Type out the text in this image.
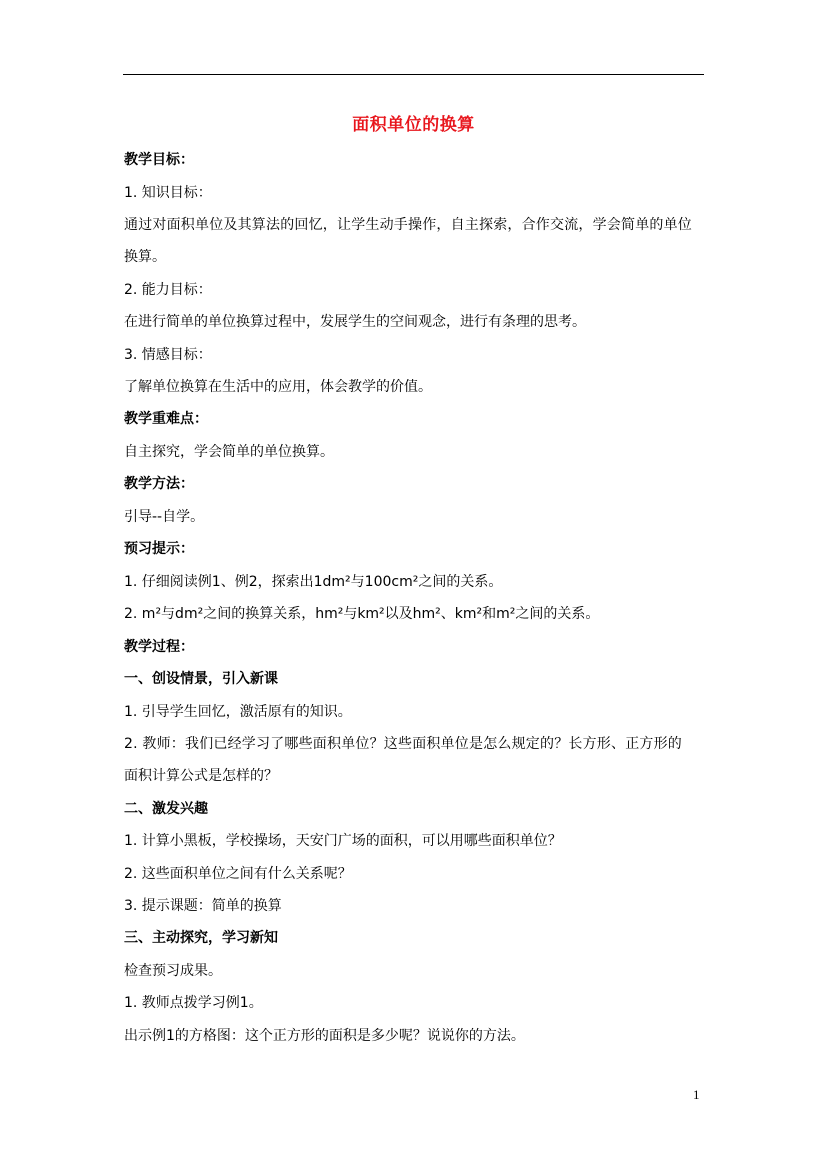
面积单位的换算
教学目标：
1. 知识目标：
通过对面积单位及其算法的回忆，让学生动手操作，自主探索，合作交流，学会简单的单位
换算。
2. 能力目标：
在进行简单的单位换算过程中，发展学生的空间观念，进行有条理的思考。
3. 情感目标：
了解单位换算在生活中的应用，体会教学的价值。
教学重难点：
自主探究，学会简单的单位换算。
教学方法：
引导--自学。
预习提示：
1. 仔细阅读例1、例2，探索出1dm²与100cm²之间的关系。
2. m²与dm²之间的换算关系，hm²与km²以及hm²、km²和m²之间的关系。
教学过程：
一、创设情景，引入新课
1. 引导学生回忆，激活原有的知识。
2. 教师：我们已经学习了哪些面积单位？这些面积单位是怎么规定的？长方形、正方形的
面积计算公式是怎样的？
二、激发兴趣
1. 计算小黑板，学校操场，天安门广场的面积，可以用哪些面积单位？
2. 这些面积单位之间有什么关系呢？
3. 提示课题：简单的换算
三、主动探究，学习新知
检查预习成果。
1. 教师点拨学习例1。
出示例1的方格图：这个正方形的面积是多少呢？说说你的方法。
1
